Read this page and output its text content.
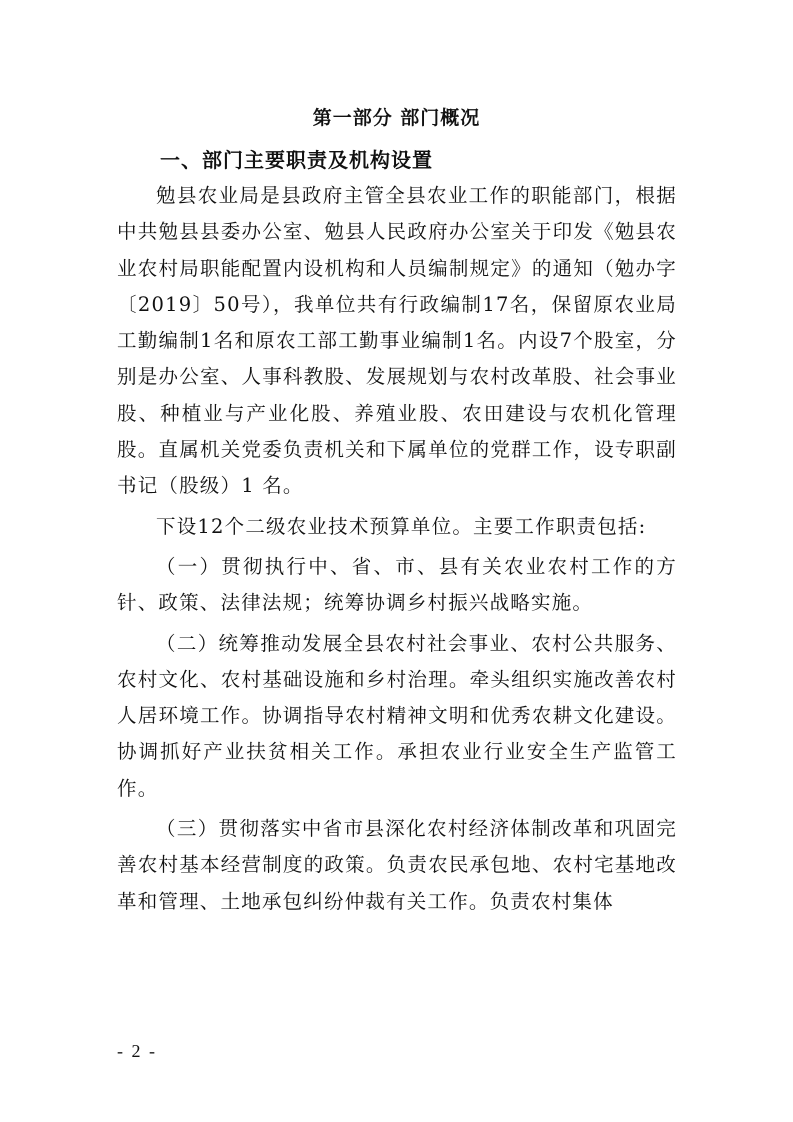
第一部分 部门概况
一、部门主要职责及机构设置

勉县农业局是县政府主管全县农业工作的职能部门，根据中共勉县县委办公室、勉县人民政府办公室关于印发《勉县农业农村局职能配置内设机构和人员编制规定》的通知（勉办字〔2019〕50号），我单位共有行政编制17名，保留原农业局工勤编制1名和原农工部工勤事业编制1名。内设7个股室，分别是办公室、人事科教股、发展规划与农村改革股、社会事业股、种植业与产业化股、养殖业股、农田建设与农机化管理股。直属机关党委负责机关和下属单位的党群工作，设专职副书记（股级）1 名。

下设12个二级农业技术预算单位。主要工作职责包括:

（一）贯彻执行中、省、市、县有关农业农村工作的方针、政策、法律法规；统筹协调乡村振兴战略实施。

（二）统筹推动发展全县农村社会事业、农村公共服务、农村文化、农村基础设施和乡村治理。牵头组织实施改善农村人居环境工作。协调指导农村精神文明和优秀农耕文化建设。协调抓好产业扶贫相关工作。承担农业行业安全生产监管工作。

（三）贯彻落实中省市县深化农村经济体制改革和巩固完善农村基本经营制度的政策。负责农民承包地、农村宅基地改革和管理、土地承包纠纷仲裁有关工作。负责农村集体

- 2 -
